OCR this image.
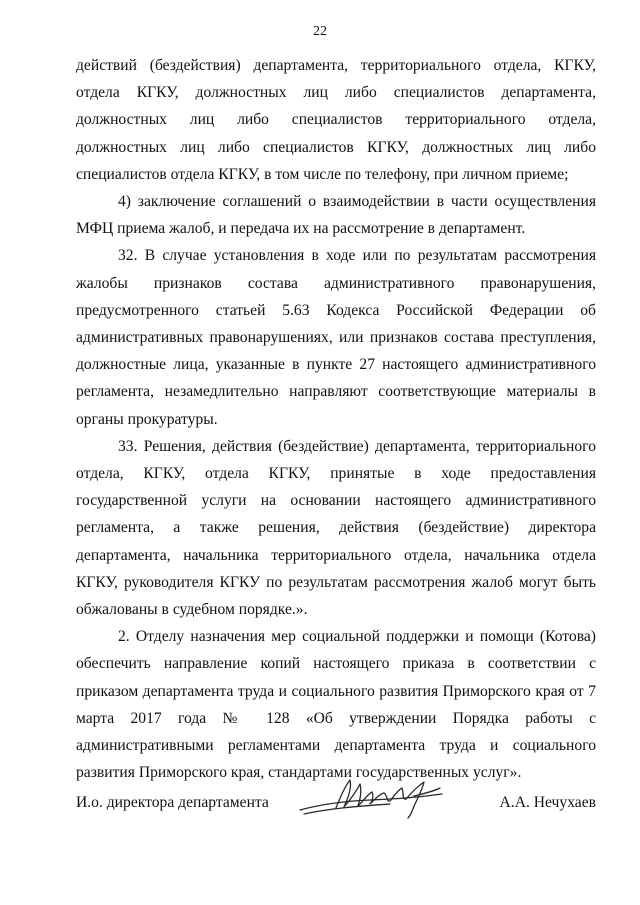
22

действий (бездействия) департамента, территориального отдела, КГКУ, отдела КГКУ, должностных лиц либо специалистов департамента, должностных лиц либо специалистов территориального отдела, должностных лиц либо специалистов КГКУ, должностных лиц либо специалистов отдела КГКУ, в том числе по телефону, при личном приеме;

4) заключение соглашений о взаимодействии в части осуществления МФЦ приема жалоб, и передача их на рассмотрение в департамент.

32. В случае установления в ходе или по результатам рассмотрения жалобы признаков состава административного правонарушения, предусмотренного статьей 5.63 Кодекса Российской Федерации об административных правонарушениях, или признаков состава преступления, должностные лица, указанные в пункте 27 настоящего административного регламента, незамедлительно направляют соответствующие материалы в органы прокуратуры.

33. Решения, действия (бездействие) департамента, территориального отдела, КГКУ, отдела КГКУ, принятые в ходе предоставления государственной услуги на основании настоящего административного регламента, а также решения, действия (бездействие) директора департамента, начальника территориального отдела, начальника отдела КГКУ, руководителя КГКУ по результатам рассмотрения жалоб могут быть обжалованы в судебном порядке.».

2. Отделу назначения мер социальной поддержки и помощи (Котова) обеспечить направление копий настоящего приказа в соответствии с приказом департамента труда и социального развития Приморского края от 7 марта 2017 года № 128 «Об утверждении Порядка работы с административными регламентами департамента труда и социального развития Приморского края, стандартами государственных услуг».

И.о. директора департамента	А.А. Нечухаев
